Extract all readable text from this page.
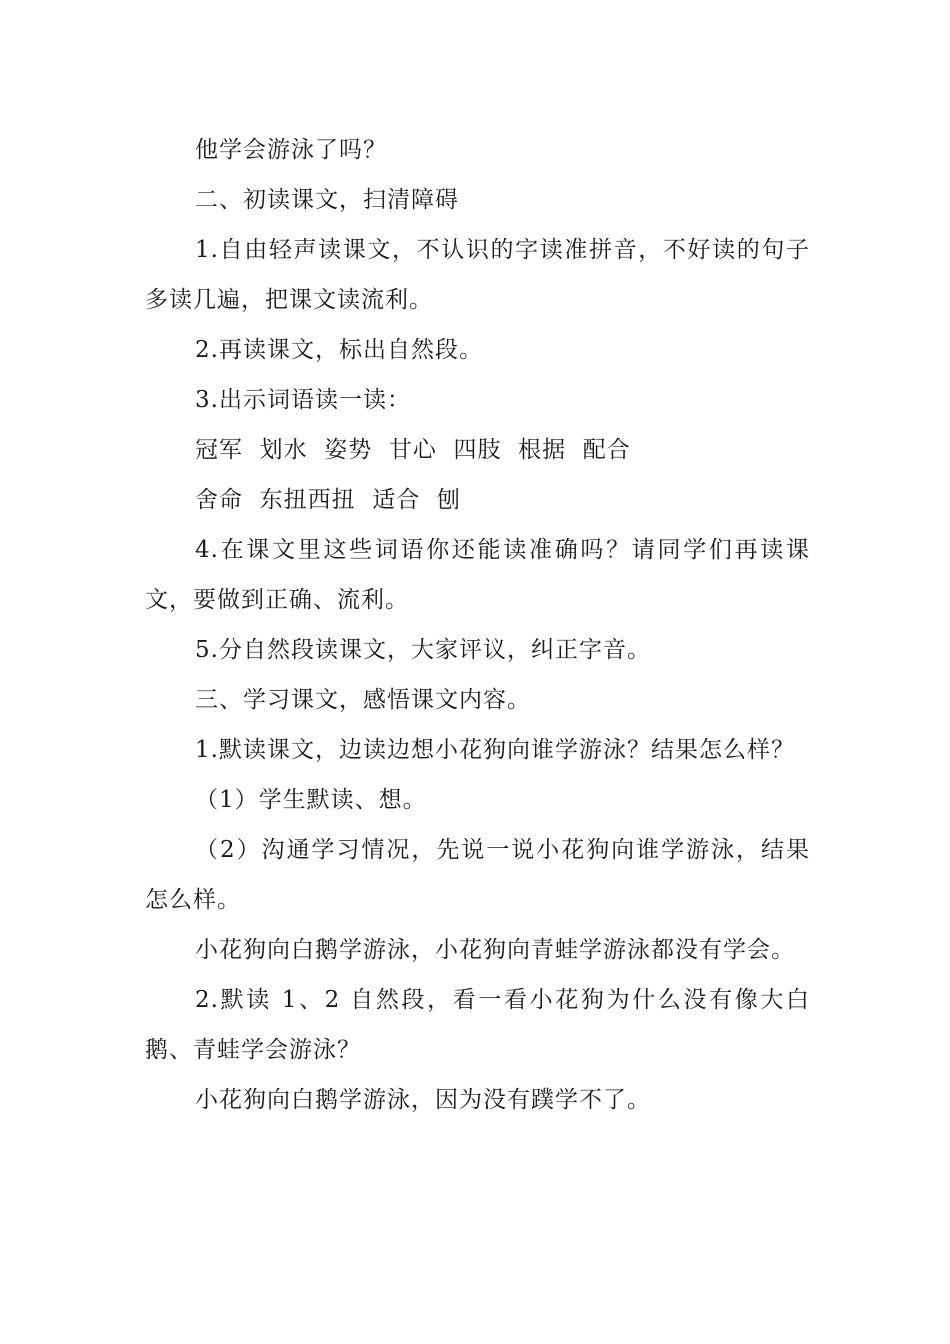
他学会游泳了吗？

二、初读课文，扫清障碍

1.自由轻声读课文，不认识的字读准拼音，不好读的句子多读几遍，把课文读流利。

2.再读课文，标出自然段。

3.出示词语读一读：

冠军  划水  姿势  甘心  四肢  根据  配合

舍命  东扭西扭  适合  刨

4.在课文里这些词语你还能读准确吗？请同学们再读课文，要做到正确、流利。

5.分自然段读课文，大家评议，纠正字音。

三、学习课文，感悟课文内容。

1.默读课文，边读边想小花狗向谁学游泳？结果怎么样？

（1）学生默读、想。

（2）沟通学习情况，先说一说小花狗向谁学游泳，结果怎么样。

小花狗向白鹅学游泳，小花狗向青蛙学游泳都没有学会。

2.默读 1、2 自然段，看一看小花狗为什么没有像大白鹅、青蛙学会游泳？

小花狗向白鹅学游泳，因为没有蹼学不了。
